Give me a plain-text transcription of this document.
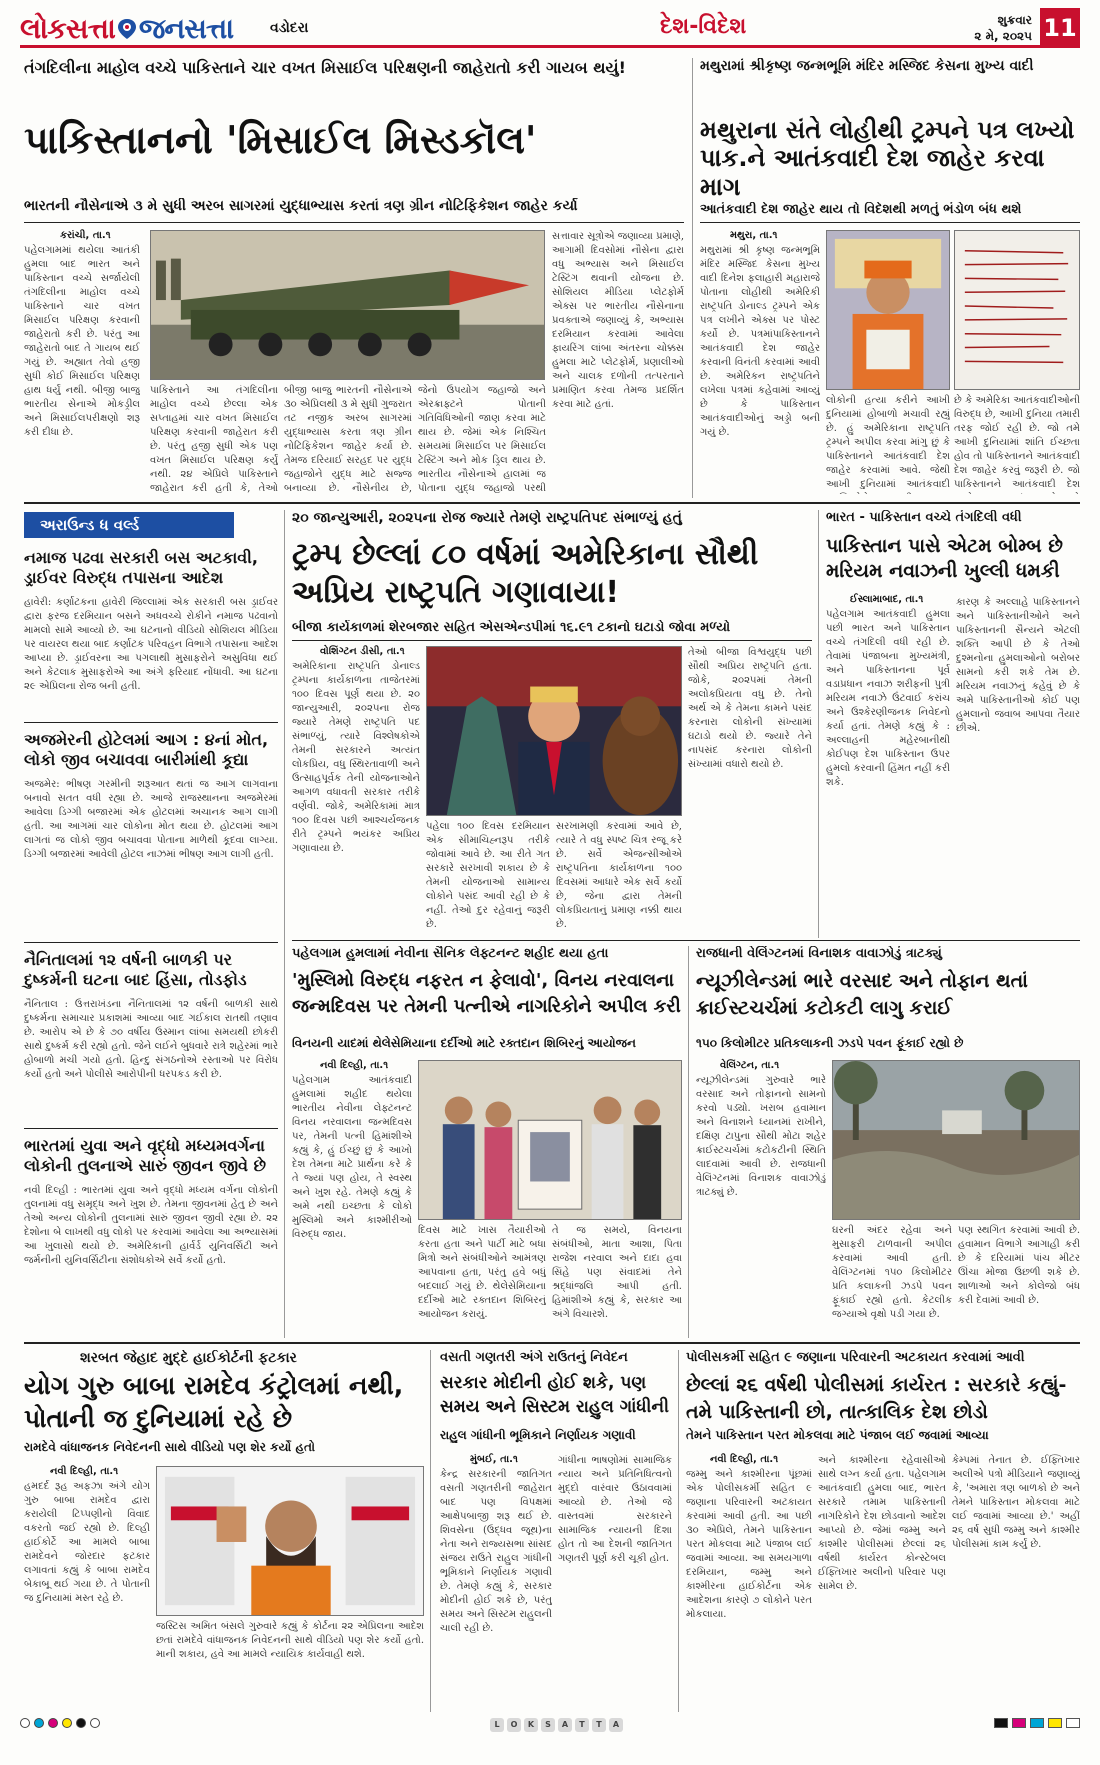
લોકસત્તા જનસત્તા	વડોદરા	દેશ-વિદેશ	શુક્રવાર
૨ મે, ૨૦૨૫ 11
તંગદિલીના માહોલ વચ્ચે પાકિસ્તાને ચાર વખત મિસાઈલ પરિક્ષણની જાહેરાતો કરી ગાયબ થયું!
પાકિસ્તાનનો 'મિસાઈલ મિસ્ડકૉલ'
ભારતની નૌસેનાએ ૩ મે સુધી અરબ સાગરમાં યુદ્ધાભ્યાસ કરતાં ત્રણ ગ્રીન નોટિફિકેશન જાહેર કર્યા
કરાંચી, તા.૧

પહેલગામમાં થયેલા આતંકી હુમલા બાદ ભારત અને પાકિસ્તાન વચ્ચે સર્જાયેલી તંગદિલીના માહોલ વચ્ચે પાકિસ્તાને ચાર વખત મિસાઈલ પરિક્ષણ કરવાની જાહેરાતો કરી છે. પરંતુ આ જાહેરાતો બાદ તે ગાયબ થઈ ગયું છે. અહ્યાત તેવો હજી સુધી કોઈ મિસાઈલ પરિક્ષણ હાથ ધર્યું નથી. બીજી બાજુ ભારતીય સેનાએ મોકડ્રીલ અને મિસાઈલપરીક્ષણો શરૂ કરી દીધા છે.

પાકિસ્તાને આ તંગદિલીના માહોલ વચ્ચે છેલ્લા એક સપ્તાહમાં ચાર વખત મિસાઈલ પરિક્ષણ કરવાની જાહેરાત કરી છે. પરંતુ હજી સુધી એક પણ વખત મિસાઈલ પરિક્ષણ કર્યું નથી. ૨૪ એપ્રિલે પાકિસ્તાને જાહેરાત કરી હતી કે, તેઓ

બીજી બાજુ ભારતની નૌસેનાએ ૩૦ એપ્રિલથી ૩ મે સુધી ગુજરાત તટ નજીક અરબ સાગરમાં યુદ્ધાભ્યાસ કરતા ત્રણ ગ્રીન નોટિફિકેશન જાહેર કર્યા છે. તેમજ દરિયાઈ સરહદ પર યુદ્ધ જહાજોને યુદ્ધ માટે સજ્જ બનાવ્યા છે. નૌસેનીય છે,

જેનો ઉપયોગ જહાજો અને એરક્રાફ્ટને પોતાની ગતિવિધિઓની જાણ કરવા માટે થાય છે. જેમાં એક નિશ્ચિત સમયમાં મિસાઈલ પર મિસાઈલ ટેસ્ટિંગ અને મોક ડ્રિલ થાય છે. ભારતીય નૌસેનાએ હાલમાં જ પોતાના યુદ્ધ જહાજો પરથી

સત્તાવાર સૂત્રોએ જણાવ્યા પ્રમાણે, આગામી દિવસોમાં નૌસેના દ્વારા વધુ અભ્યાસ અને મિસાઈલ ટેસ્ટિંગ થવાની યોજના છે. સોશિયલ મીડિયા પ્લેટફોર્મ એક્સ પર ભારતીય નૌસેનાના પ્રવક્તાએ જણાવ્યું કે, અભ્યાસ દરમિયાન કરવામાં આવેલા ફાયરિંગ લાંબા અંતરના ચોક્કસ હુમલા માટે પ્લેટફોર્મ, પ્રણાલીઓ અને ચાલક દળોની તત્પરતાને પ્રમાણિત કરવા તેમજ પ્રદર્શિત કરવા માટે હતાં.

મથુરામાં શ્રીકૃષ્ણ જન્મભૂમિ મંદિર મસ્જિદ કેસના મુખ્ય વાદી
મથુરાના સંતે લોહીથી ટ્રમ્પને પત્ર લખ્યો પાક.ને આતંકવાદી દેશ જાહેર કરવા માગ
આતંકવાદી દેશ જાહેર થાય તો વિદેશથી મળતું ભંડોળ બંધ થશે
મથુરા, તા.૧

મથુરામાં શ્રી કૃષ્ણ જન્મભૂમિ મંદિર મસ્જિદ કેસના મુખ્ય વાદી દિનેશ ફલાહારી મહારાજે પોતાના લોહીથી અમેરિકી રાષ્ટ્રપતિ ડોનાલ્ડ ટ્રમ્પને એક પત્ર લખીને એક્સ પર પોસ્ટ કર્યો છે. પત્રમાંપાકિસ્તાનને આતંકવાદી દેશ જાહેર કરવાની વિનંતી કરવામાં આવી છે. અમેરિકન રાષ્ટ્રપતિને લખેલા પત્રમાં કહેવામાં આવ્યું છે કે પાકિસ્તાન આતંકવાદીઓનું અડ્ડો બની ગયું છે.

લોકોની હત્યા કરીને આખી દુનિયામાં હોબાળો મચાવી રહ્યું છે. હું અમેરિકાના રાષ્ટ્રપતિ ટ્રમ્પને અપીલ કરવા માંગુ છું કે પાકિસ્તાનને આતંકવાદી દેશ જાહેર કરવામાં આવે. જેથી આખી દુનિયામાં આતંકવાદી

છે કે અમેરિકા આતંકવાદીઓની વિરુદ્ધ છે, આખી દુનિયા તમારી તરફ જોઈ રહી છે. જો તમે આખી દુનિયામાં શાંતિ ઈચ્છતા હોવ તો પાકિસ્તાનને આતંકવાદી દેશ જાહેર કરવું જરૂરી છે. જો પાકિસ્તાનને આતંકવાદી દેશ

અરાઉન્ડ ધ વર્લ્ડ
નમાજ પઢવા સરકારી બસ અટકાવી, ડ્રાઈવર વિરુદ્ધ તપાસના આદેશ
હાવેરી: કર્ણાટકના હાવેરી જિલ્લામાં એક સરકારી બસ ડ્રાઈવર દ્વારા ફરજ દરમિયાન બસને અધવચ્ચે રોકીને નમાજ પઢવાનો મામલો સામે આવ્યો છે. આ ઘટનાનો વીડિયો સોશિયલ મીડિયા પર વાયરલ થયા બાદ કર્ણાટક પરિવહન વિભાગે તપાસના આદેશ આપ્યા છે. ડ્રાઈવરના આ પગલાથી મુસાફરોને અસુવિધા થઈ અને કેટલાક મુસાફરોએ આ અંગે ફરિયાદ નોંધાવી. આ ઘટના ૨૯ એપ્રિલના રોજ બની હતી.
અજમેરની હોટેલમાં આગ : ૪નાં મોત, લોકો જીવ બચાવવા બારીમાંથી કૂદ્યા
અજમેર: ભીષણ ગરમીની શરૂઆત થતાં જ આગ લાગવાના બનાવો સતત વધી રહ્યા છે. આજે રાજસ્થાનના અજમેરમાં આવેલા ડિગ્ગી બજારમાં એક હોટલમાં અચાનક આગ લાગી હતી. આ આગમાં ચાર લોકોના મોત થયા છે. હોટલમાં આગ લાગતાં જ લોકો જીવ બચાવવા પોતાના માળેથી કૂદવા લાગ્યા. ડિગ્ગી બજારમાં આવેલી હોટલ નાઝમાં ભીષણ આગ લાગી હતી.
નૈનિતાલમાં ૧૨ વર્ષની બાળકી પર દુષ્કર્મની ઘટના બાદ હિંસા, તોડફોડ
નૈનિતાલ : ઉત્તરાખંડના નૈનિતાલમાં ૧૨ વર્ષની બાળકી સાથે દુષ્કર્મના સમાચાર પ્રકાશમાં આવ્યા બાદ ગઈકાલ રાતથી તણાવ છે. આરોપ એ છે કે ૭૦ વર્ષીય ઉસ્માન લાંબા સમયથી છોકરી સાથે દુષ્કર્મ કરી રહ્યો હતો. જેને લઈને બુધવારે રાત્રે શહેરમાં ભારે હોબાળો મચી ગયો હતો. હિન્દુ સંગઠનોએ રસ્તાઓ પર વિરોધ કર્યો હતો અને પોલીસે આરોપીની ધરપકડ કરી છે.
ભારતમાં યુવા અને વૃદ્ધો મધ્યમવર્ગના લોકોની તુલનાએ સારું જીવન જીવે છે
નવી દિલ્હી : ભારતમાં યુવા અને વૃદ્ધો મધ્યમ વર્ગના લોકોની તુલનામાં વધુ સમૃદ્ધ અને ખુશ છે. તેમના જીવનમાં હેતુ છે અને તેઓ અન્ય લોકોની તુલનામાં સારું જીવન જીવી રહ્યા છે. ૨૨ દેશોના બે લાખથી વધુ લોકો પર કરવામાં આવેલા આ અભ્યાસમાં આ ખુલાસો થયો છે. અમેરિકાની હાર્વર્ડ યુનિવર્સિટી અને જર્મનીની યુનિવર્સિટીના સંશોધકોએ સર્વે કર્યો હતો.
૨૦ જાન્યુઆરી, ૨૦૨૫ના રોજ જ્યારે તેમણે રાષ્ટ્રપતિપદ સંભાળ્યું હતું
ટ્રમ્પ છેલ્લાં ૮૦ વર્ષમાં અમેરિકાના સૌથી અપ્રિય રાષ્ટ્રપતિ ગણાવાયા!
બીજા કાર્યકાળમાં શેરબજાર સહિત એસએન્ડપીમાં ૧૬.૯૧ ટકાનો ઘટાડો જોવા મળ્યો
વોશિંગ્ટન ડીસી, તા.૧

અમેરિકાના રાષ્ટ્રપતિ ડોનાલ્ડ ટ્રમ્પના કાર્યકાળના તાજેતરમાં ૧૦૦ દિવસ પૂર્ણ થયા છે. ૨૦ જાન્યુઆરી, ૨૦૨૫ના રોજ જ્યારે તેમણે રાષ્ટ્રપતિ પદ સંભાળ્યું, ત્યારે વિશ્લેષકોએ તેમની સરકારને અત્યંત લોકપ્રિય, વધુ સ્થિરતાવાળી અને ઉત્સાહપૂર્વક તેની યોજનાઓને આગળ વધાવતી સરકાર તરીકે વર્ણવી. જોકે, અમેરિકામાં માત્ર ૧૦૦ દિવસ પછી આશ્ચર્યજનક રીતે ટ્રમ્પને ભયંકર અપ્રિય ગણાવાયા છે.

પહેલા ૧૦૦ દિવસ દરમિયાન એક સીમાચિહ્નરૂપ તરીકે જોવામાં આવે છે. આ રીતે ગત સરકારે સરખાવી શકાય છે કે તેમની યોજનાઓ સામાન્ય લોકોને પસંદ આવી રહી છે કે નહીં. તેઓ દુર રહેવાનું જરૂરી છે.

સરખામણી કરવામાં આવે છે, ત્યારે તે વધુ સ્પષ્ટ ચિત્ર રજૂ કરે છે. સર્વે એજન્સીઓએ રાષ્ટ્રપતિના કાર્યકાળના ૧૦૦ દિવસમાં આધારે એક સર્વે કર્યો છે, જેના દ્વારા તેમની લોકપ્રિયતાનું પ્રમાણ નક્કી થાય છે.

તેઓ બીજા વિશ્વયુદ્ધ પછી સૌથી અપ્રિય રાષ્ટ્રપતિ હતા. જોકે, ૨૦૨૫માં તેમની અલોકપ્રિયતા વધુ છે. તેનો અર્થ એ કે તેમના કામને પસંદ કરનારા લોકોની સંખ્યામાં ઘટાડો થયો છે. જ્યારે તેને નાપસંદ કરનારા લોકોની સંખ્યામાં વધારો થયો છે.

ભારત - પાકિસ્તાન વચ્ચે તંગદિલી વધી
પાકિસ્તાન પાસે એટમ બોમ્બ છે મરિયમ નવાઝની ખુલ્લી ધમકી
ઈસ્લામાબાદ, તા.૧

પહેલગામ આતંકવાદી હુમલા પછી ભારત અને પાકિસ્તાન વચ્ચે તંગદિલી વધી રહી છે. તેવામાં પંજાબના મુખ્યમંત્રી, અને પાકિસ્તાનના પૂર્વ વડાપ્રધાન નવાઝ શરીફની પુત્રી મરિયમ નવાઝે ઉંટવાઈ કરાંચ અને ઉશ્કેરણીજનક નિવેદનો કર્યા હતાં. તેમણે કહ્યું કે : અલ્લાહની મહેરબાનીથી કોઈપણ દેશ પાકિસ્તાન ઉપર હુમલો કરવાની હિંમત નહીં કરી શકે.

કારણ કે અલ્લાહે પાકિસ્તાનને અને પાકિસ્તાનીઓને અને પાકિસ્તાનની સૈન્યને એટલી શક્તિ આપી છે કે તેઓ દુશ્મનોના હુમલાઓનો બરોબર સામનો કરી શકે તેમ છે. મરિયમ નવાઝનું કહેવું છે કે અમે પાકિસ્તાનીઓ કોઈ પણ હુમલાનો જવાબ આપવા તૈયાર છીએ.

પહેલગામ હુમલામાં નેવીના સૈનિક લેફ્ટનન્ટ શહીદ થયા હતા
'મુસ્લિમો વિરુદ્ધ નફરત ન ફેલાવો', વિનય નરવાલના જન્મદિવસ પર તેમની પત્નીએ નાગરિકોને અપીલ કરી
વિનયની યાદમાં થેલેસેમિયાના દર્દીઓ માટે રક્તદાન શિબિરનું આયોજન
નવી દિલ્હી, તા.૧

પહેલગામ આતંકવાદી હુમલામાં શહીદ થયેલા ભારતીય નેવીના લેફ્ટનન્ટ વિનય નરવાલના જન્મદિવસ પર, તેમની પત્ની હિમાંશીએ કહ્યું કે, હું ઈચ્છું છું કે આખો દેશ તેમના માટે પ્રાર્થના કરે કે તે જ્યાં પણ હોય, તે સ્વસ્થ અને ખુશ રહે. તેમણે કહ્યું કે અમે નથી ઇચ્છતા કે લોકો મુસ્લિમો અને કાશ્મીરીઓ વિરુદ્ધ જાય.	દિવસ માટે ખાસ તૈયારીઓ કરતા હતા અને પાર્ટી માટે બધા મિત્રો અને સંબંધીઓને આમંત્રણ આપવાના હતા, પરંતુ હવે બધું બદલાઈ ગયું છે. થેલેસેમિયાના દર્દીઓ માટે રક્તદાન શિબિરનું આયોજન કરાયું.

તે જ સમયે, વિનયના સંબંધીઓ, માતા આશા, પિતા રાજેશ નરવાલ અને દાદા હવા સિંહે પણ સંવાદમાં તેને શ્રદ્ધાંજલિ આપી હતી. હિમાંશીએ કહ્યું કે, સરકાર આ અંગે વિચારશે.

રાજધાની વેલિંગ્ટનમાં વિનાશક વાવાઝોડું ત્રાટક્યું
ન્યૂઝીલેન્ડમાં ભારે વરસાદ અને તોફાન થતાં ક્રાઈસ્ટચર્ચમાં કટોકટી લાગુ કરાઈ
૧૫૦ કિલોમીટર પ્રતિકલાકની ઝડપે પવન ફૂંકાઈ રહ્યો છે
વેલિંગ્ટન, તા.૧

ન્યૂઝીલેન્ડમાં ગુરુવારે ભારે વરસાદ અને તોફાનનો સામનો કરવો પડ્યો. ખરાબ હવામાન અને વિનાશને ધ્યાનમાં રાખીને, દક્ષિણ ટાપુના સૌથી મોટા શહેર ક્રાઈસ્ટચર્ચમાં કટોકટીની સ્થિતિ લાદવામાં આવી છે. રાજધાની વેલિંગ્ટનમાં વિનાશક વાવાઝોડું ત્રાટક્યું છે.

ઘરની અંદર રહેવા અને મુસાફરી ટાળવાની અપીલ કરવામાં આવી હતી. વેલિંગ્ટનમાં ૧૫૦ કિલોમીટર પ્રતિ કલાકની ઝડપે પવન ફૂંકાઈ રહ્યો હતો. કેટલીક જગ્યાએ વૃક્ષો પડી ગયા છે.

પણ સ્થગિત કરવામાં આવી છે. હવામાન વિભાગે આગાહી કરી છે કે દરિયામાં પાંચ મીટર ઊંચા મોજા ઉછળી શકે છે. શાળાઓ અને કોલેજો બંધ કરી દેવામાં આવી છે.

શરબત જેહાદ મુદ્દે હાઈકોર્ટની ફટકાર
યોગ ગુરુ બાબા રામદેવ કંટ્રોલમાં નથી, પોતાની જ દુનિયામાં રહે છે
રામદેવે વાંધાજનક નિવેદનની સાથે વીડિયો પણ શેર કર્યો હતો
નવી દિલ્હી, તા.૧

હમદર્દ રૂહ અફઝા અંગે યોગ ગુરુ બાબા રામદેવ દ્વારા કરાયેલી ટિપ્પણીનો વિવાદ વકરતો જઈ રહ્યો છે. દિલ્હી હાઈકોર્ટે આ મામલે બાબા રામદેવને જોરદાર ફટકાર લગાવતાં કહ્યું કે બાબા રામદેવ બેકાબૂ થઈ ગયા છે. તે પોતાની જ દુનિયામાં મસ્ત રહે છે.

જસ્ટિસ અમિત બંસલે ગુરુવારે કહ્યું કે કોર્ટના ૨૨ એપ્રિલના આદેશ છતાં રામદેવે વાંધાજનક નિવેદનની સાથે વીડિયો પણ શેર કર્યો હતો. માની શકાય, હવે આ મામલે ન્યાયિક કાર્યવાહી થશે.

વસતી ગણતરી અંગે રાઉતનું નિવેદન
સરકાર મોદીની હોઈ શકે, પણ સમય અને સિસ્ટમ રાહુલ ગાંધીની
રાહુલ ગાંધીની ભૂમિકાને નિર્ણાયક ગણાવી
મુંબઈ, તા.૧

કેન્દ્ર સરકારની જાતિગત વસતી ગણતરીની જાહેરાત બાદ પણ વિપક્ષમાં આક્ષેપબાજી શરૂ થઈ છે. શિવસેના (ઉદ્ધવ જૂથ)ના નેતા અને રાજ્યસભા સાંસદ સંજય રાઉતે રાહુલ ગાંધીની ભૂમિકાને નિર્ણાયક ગણાવી છે. તેમણે કહ્યું કે, સરકાર મોદીની હોઈ શકે છે, પરંતુ સમય અને સિસ્ટમ રાહુલની ચાલી રહી છે.

ગાંધીના ભાષણોમાં સામાજિક ન્યાય અને પ્રતિનિધિત્વનો મુદ્દો વારંવાર ઉઠાવવામાં આવ્યો છે. તેઓ જે વાસ્તવમાં સરકારને સામાજિક ન્યાયની દિશા હોત તો આ દેશની જાતિગત ગણતરી પૂર્ણ કરી ચૂકી હોત.

પોલીસકર્મી સહિત ૯ જણાના પરિવારની અટકાયત કરવામાં આવી
છેલ્લાં ૨૬ વર્ષથી પોલીસમાં કાર્યરત : સરકારે કહ્યું- તમે પાકિસ્તાની છો, તાત્કાલિક દેશ છોડો
તેમને પાકિસ્તાન પરત મોકલવા માટે પંજાબ લઈ જવામાં આવ્યા
નવી દિલ્હી, તા.૧

જમ્મુ અને કાશ્મીરના પૂંછમાં એક પોલીસકર્મી સહિત ૯ જણાના પરિવારની અટકાયત કરવામાં આવી હતી. આ પછી ૩૦ એપ્રિલે, તેમને પાકિસ્તાન પરત મોકલવા માટે પંજાબ લઈ જવામાં આવ્યા. આ સમયગાળા દરમિયાન, જમ્મુ અને કાશ્મીરના હાઈકોર્ટના એક આદેશના કારણે ૭ લોકોને પરત મોકલાયા.

અને કાશ્મીરના રહેવાસીઓ સાથે લગ્ન કર્યા હતા. પહેલગામ આતંકવાદી હુમલા બાદ, ભારત સરકારે તમામ પાકિસ્તાની નાગરિકોને દેશ છોડવાનો આદેશ આપ્યો છે. જેમાં જમ્મુ અને કાશ્મીર પોલીસમાં છેલ્લાં ૨૬ વર્ષથી કાર્યરત કોન્સ્ટેબલ ઈફ્તિખાર અલીનો પરિવાર પણ સામેલ છે.

કેમ્પમાં તેનાત છે. ઈફ્તિખાર અલીએ પત્રો મીડિયાને જણાવ્યું કે, 'અમારા ત્રણ બાળકો છે અને તેમને પાકિસ્તાન મોકલવા માટે લઈ જવામાં આવ્યા છે.' અહીં ૨૬ વર્ષ સુધી જમ્મુ અને કાશ્મીર પોલીસમાં કામ કર્યું છે.

L	O	K	S	A	T	T	A
